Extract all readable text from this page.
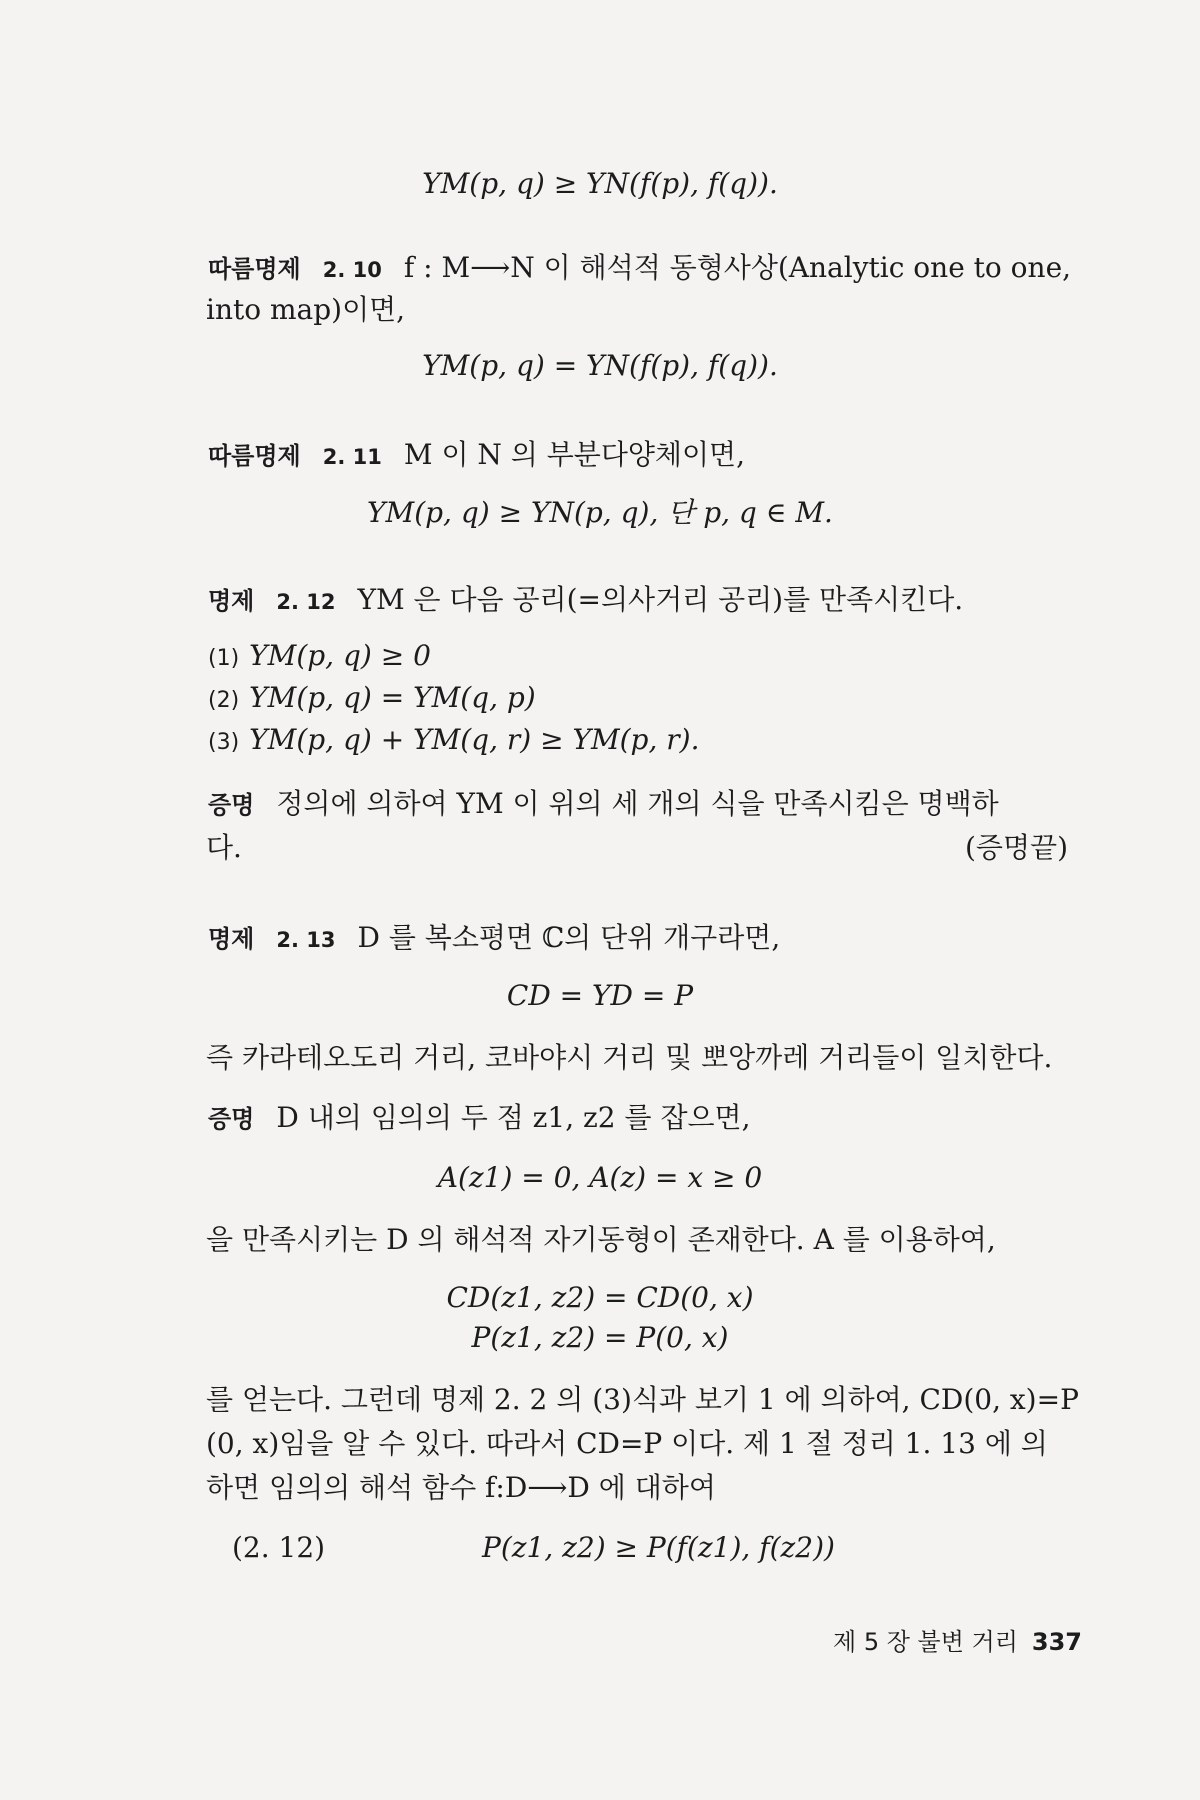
YM(p, q) ≥ YN(f(p), f(q)).
따름명제 2. 10 f : M⟶N 이 해석적 동형사상(Analytic one to one,
into map)이면,
YM(p, q) = YN(f(p), f(q)).
따름명제 2. 11 M 이 N 의 부분다양체이면,
YM(p, q) ≥ YN(p, q), 단 p, q ∈ M.
명제 2. 12 YM 은 다음 공리(=의사거리 공리)를 만족시킨다.
(1) YM(p, q) ≥ 0
(2) YM(p, q) = YM(q, p)
(3) YM(p, q) + YM(q, r) ≥ YM(p, r).
증명 정의에 의하여 YM 이 위의 세 개의 식을 만족시킴은 명백하
다.	(증명끝)
명제 2. 13 D 를 복소평면 ℂ의 단위 개구라면,
CD = YD = P
즉 카라테오도리 거리, 코바야시 거리 및 뽀앙까레 거리들이 일치한다.
증명 D 내의 임의의 두 점 z1, z2 를 잡으면,
A(z1) = 0, A(z) = x ≥ 0
을 만족시키는 D 의 해석적 자기동형이 존재한다. A 를 이용하여,
CD(z1, z2) = CD(0, x)
P(z1, z2) = P(0, x)
를 얻는다. 그런데 명제 2. 2 의 (3)식과 보기 1 에 의하여, CD(0, x)=P
(0, x)임을 알 수 있다. 따라서 CD=P 이다. 제 1 절 정리 1. 13 에 의
하면 임의의 해석 함수 f:D⟶D 에 대하여
(2. 12)	P(z1, z2) ≥ P(f(z1), f(z2))
제 5 장 불변 거리 337
